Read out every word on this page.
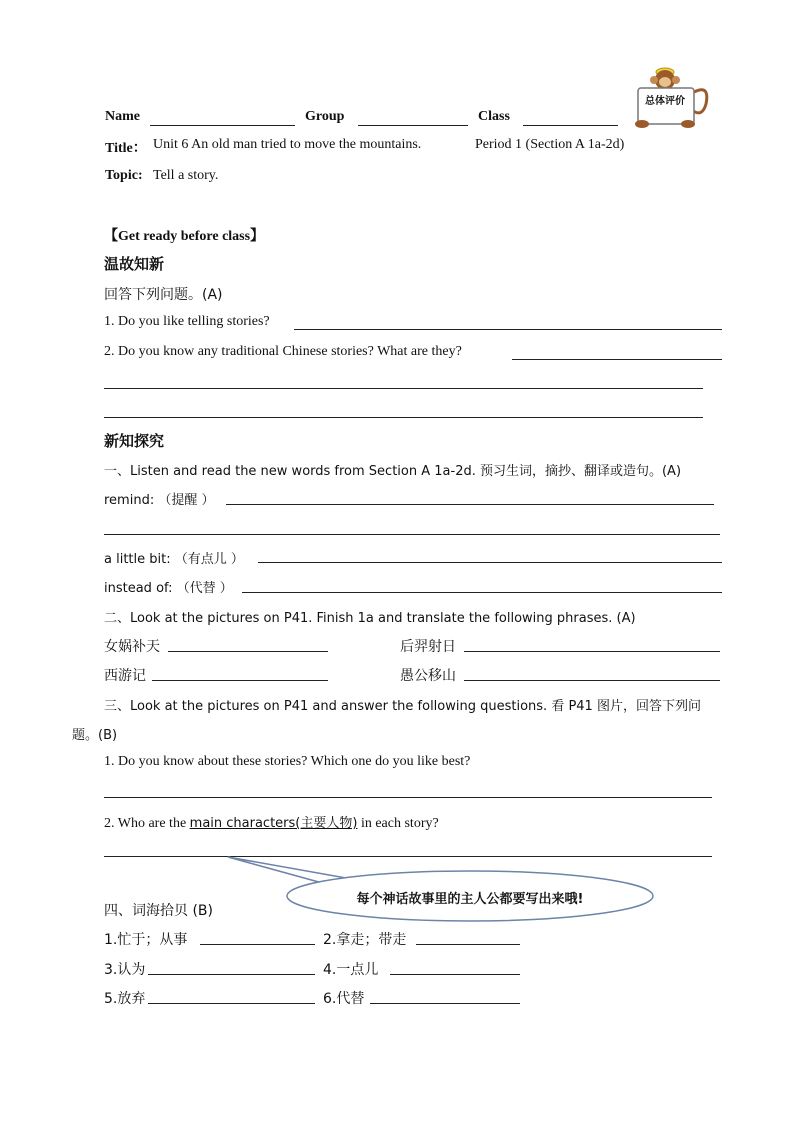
总体评价
Name	Group	Class
Title： Unit 6 An old man tried to move the mountains.	Period 1 (Section A 1a-2d)
Topic: Tell a story.
【Get ready before class】
温故知新
回答下列问题。(A)
1. Do you like telling stories?
2. Do you know any traditional Chinese stories? What are they?
新知探究
一、Listen and read the new words from Section A 1a-2d. 预习生词，摘抄、翻译或造句。(A)
remind: （提醒 ）
a little bit: （有点儿 ）
instead of: （代替 ）
二、Look at the pictures on P41. Finish 1a and translate the following phrases. (A)
女娲补天	后羿射日
西游记	愚公移山
三、Look at the pictures on P41 and answer the following questions. 看 P41 图片，回答下列问
题。(B)
1. Do you know about these stories? Which one do you like best?
2. Who are the main characters(主要人物) in each story?
每个神话故事里的主人公都要写出来哦!
四、词海拾贝 (B)
1.忙于；从事	2.拿走；带走
3.认为	4.一点儿
5.放弃	6.代替
